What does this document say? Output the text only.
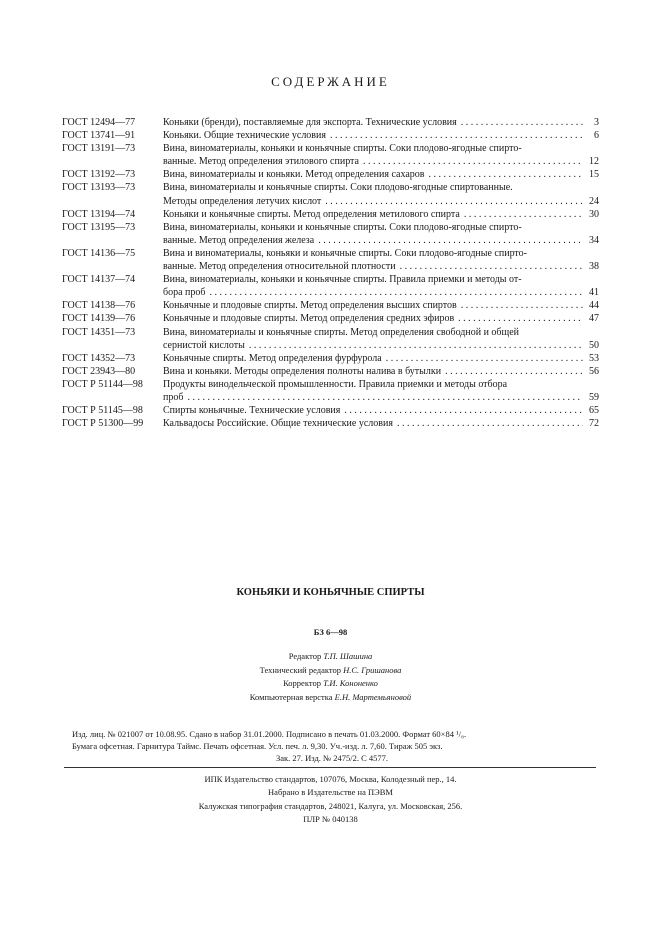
СОДЕРЖАНИЕ
ГОСТ 12494—77	Коньяки (бренди), поставляемые для экспорта. Технические условия . . .	3
ГОСТ 13741—91	Коньяки. Общие технические условия . . .	6
ГОСТ 13191—73	Вина, виноматериалы, коньяки и коньячные спирты. Соки плодово-ягодные спирто-
ванные. Метод определения этилового спирта . . .	12
ГОСТ 13192—73	Вина, виноматериалы и коньяки. Метод определения сахаров . . .	15
ГОСТ 13193—73	Вина, виноматериалы и коньячные спирты. Соки плодово-ягодные спиртованные.
Методы определения летучих кислот . . .	24
ГОСТ 13194—74	Коньяки и коньячные спирты. Метод определения метилового спирта . . .	30
ГОСТ 13195—73	Вина, виноматериалы, коньяки и коньячные спирты. Соки плодово-ягодные спирто-
ванные. Метод определения железа . . .	34
ГОСТ 14136—75	Вина и виноматериалы, коньяки и коньячные спирты. Соки плодово-ягодные спирто-
ванные. Метод определения относительной плотности . . .	38
ГОСТ 14137—74	Вина, виноматериалы, коньяки и коньячные спирты. Правила приемки и методы от-
бора проб . . .	41
ГОСТ 14138—76	Коньячные и плодовые спирты. Метод определения высших спиртов . . .	44
ГОСТ 14139—76	Коньячные и плодовые спирты. Метод определения средних эфиров . . .	47
ГОСТ 14351—73	Вина, виноматериалы и коньячные спирты. Метод определения свободной и общей
сернистой кислоты . . .	50
ГОСТ 14352—73	Коньячные спирты. Метод определения фурфурола . . .	53
ГОСТ 23943—80	Вина и коньяки. Методы определения полноты налива в бутылки . . .	56
ГОСТ Р 51144—98 Продукты винодельческой промышленности. Правила приемки и методы отбора
проб . . .	59
ГОСТ Р 51145—98 Спирты коньячные. Технические условия . . .	65
ГОСТ Р 51300—99 Кальвадосы Российские. Общие технические условия . . .	72
КОНЬЯКИ И КОНЬЯЧНЫЕ СПИРТЫ
БЗ 6—98
Редактор Т.П. Шашина
Технический редактор Н.С. Гришанова
Корректор Т.И. Кононенко
Компьютерная верстка Е.Н. Мартемьяновой
Изд. лиц. № 021007 от 10.08.95. Сдано в набор 31.01.2000. Подписано в печать 01.03.2000. Формат 60×84 ¹/₈.
Бумага офсетная. Гарнитура Таймс. Печать офсетная. Усл. печ. л. 9,30. Уч.-изд. л. 7,60. Тираж 505 экз.
Зак. 27. Изд. № 2475/2. С 4577.
ИПК Издательство стандартов, 107076, Москва, Колодезный пер., 14.
Набрано в Издательстве на ПЭВМ
Калужская типография стандартов, 248021, Калуга, ул. Московская, 256.
ПЛР № 040138
